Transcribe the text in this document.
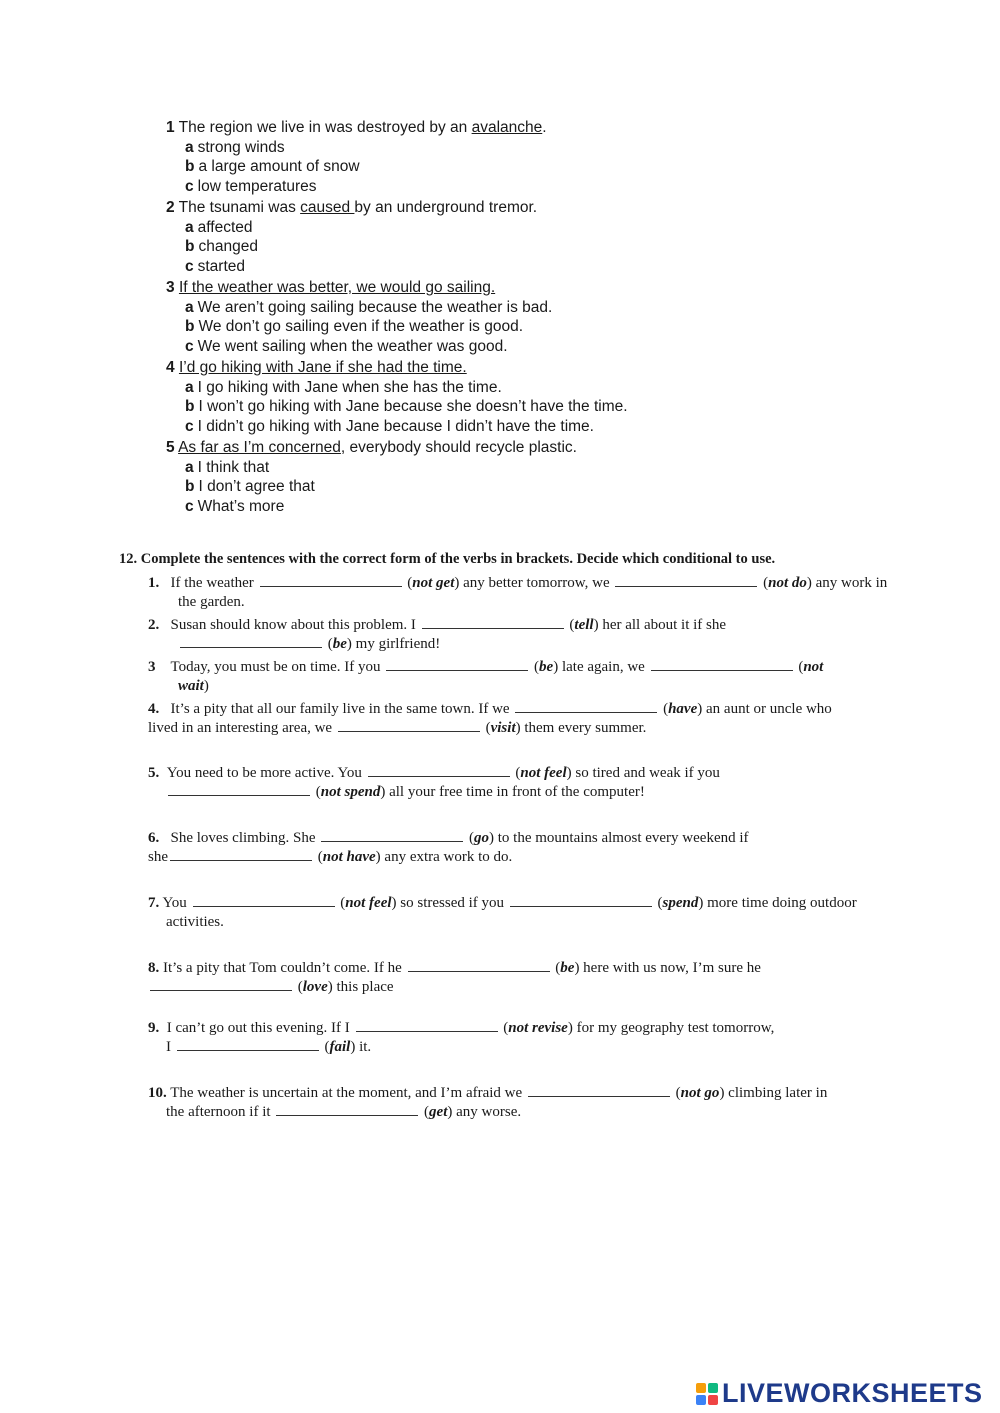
1 The region we live in was destroyed by an avalanche.
a strong winds
b a large amount of snow
c low temperatures
2 The tsunami was caused by an underground tremor.
a affected
b changed
c started
3 If the weather was better, we would go sailing.
a We aren’t going sailing because the weather is bad.
b We don’t go sailing even if the weather is good.
c We went sailing when the weather was good.
4 I’d go hiking with Jane if she had the time.
a I go hiking with Jane when she has the time.
b I won’t go hiking with Jane because she doesn’t have the time.
c I didn’t go hiking with Jane because I didn’t have the time.
5 As far as I’m concerned, everybody should recycle plastic.
a I think that
b I don’t agree that
c What’s more
12. Complete the sentences with the correct form of the verbs in brackets. Decide which conditional to use.
1. If the weather	(not get) any better tomorrow, we	(not do) any work in the garden.
2. Susan should know about this problem. I	(tell) her all about it if she
(be) my girlfriend!
3 Today, you must be on time. If you	(be) late again, we	(not
wait)
4. It’s a pity that all our family live in the same town. If we	(have) an aunt or uncle who
lived in an interesting area, we	(visit) them every summer.
5. You need to be more active. You	(not feel) so tired and weak if you
(not spend) all your free time in front of the computer!
6. She loves climbing. She	(go) to the mountains almost every weekend if
she	(not have) any extra work to do.
7. You	(not feel) so stressed if you	(spend) more time doing outdoor
activities.
8. It’s a pity that Tom couldn’t come. If he	(be) here with us now, I’m sure he
(love) this place
9. I can’t go out this evening. If I	(not revise) for my geography test tomorrow,
I	(fail) it.
10. The weather is uncertain at the moment, and I’m afraid we	(not go) climbing later in
the afternoon if it	(get) any worse.
LIVEWORKSHEETS
